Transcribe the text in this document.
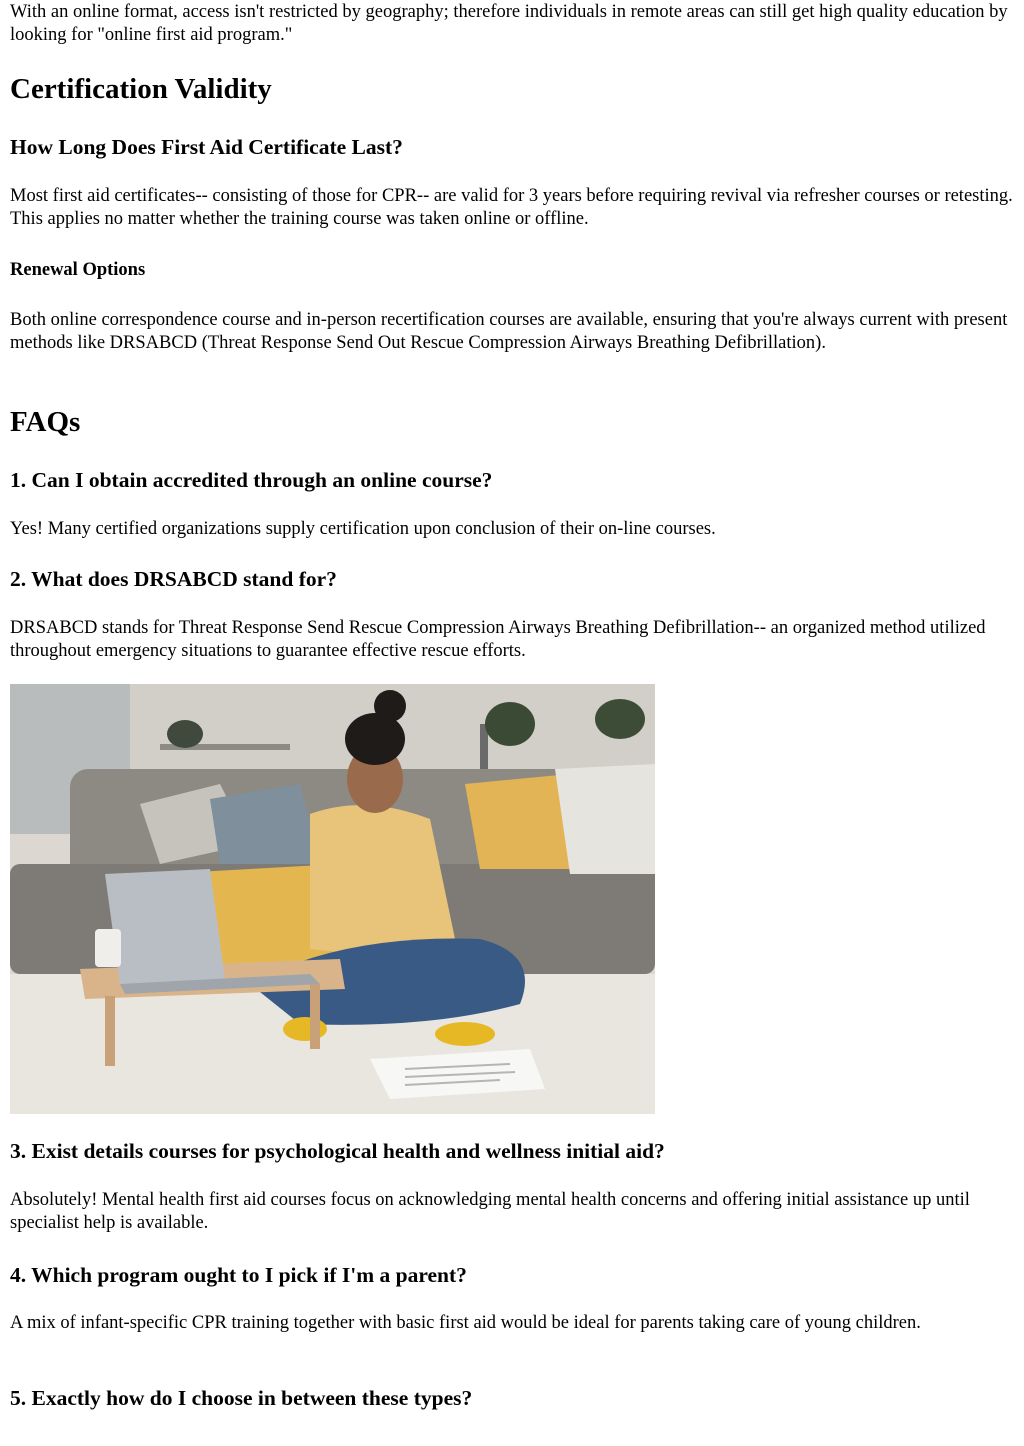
With an online format, access isn't restricted by geography; therefore individuals in remote areas can still get high quality education by looking for "online first aid program."

Certification Validity
How Long Does First Aid Certificate Last?

Most first aid certificates-- consisting of those for CPR-- are valid for 3 years before requiring revival via refresher courses or retesting. This applies no matter whether the training course was taken online or offline.

Renewal Options

Both online correspondence course and in-person recertification courses are available, ensuring that you're always current with present methods like DRSABCD (Threat Response Send Out Rescue Compression Airways Breathing Defibrillation).

FAQs
1. Can I obtain accredited through an online course?

Yes! Many certified organizations supply certification upon conclusion of their on-line courses.

2. What does DRSABCD stand for?

DRSABCD stands for Threat Response Send Rescue Compression Airways Breathing Defibrillation-- an organized method utilized throughout emergency situations to guarantee effective rescue efforts.

3. Exist details courses for psychological health and wellness initial aid?

Absolutely! Mental health first aid courses focus on acknowledging mental health concerns and offering initial assistance up until specialist help is available.

4. Which program ought to I pick if I'm a parent?

A mix of infant-specific CPR training together with basic first aid would be ideal for parents taking care of young children.

5. Exactly how do I choose in between these types?
